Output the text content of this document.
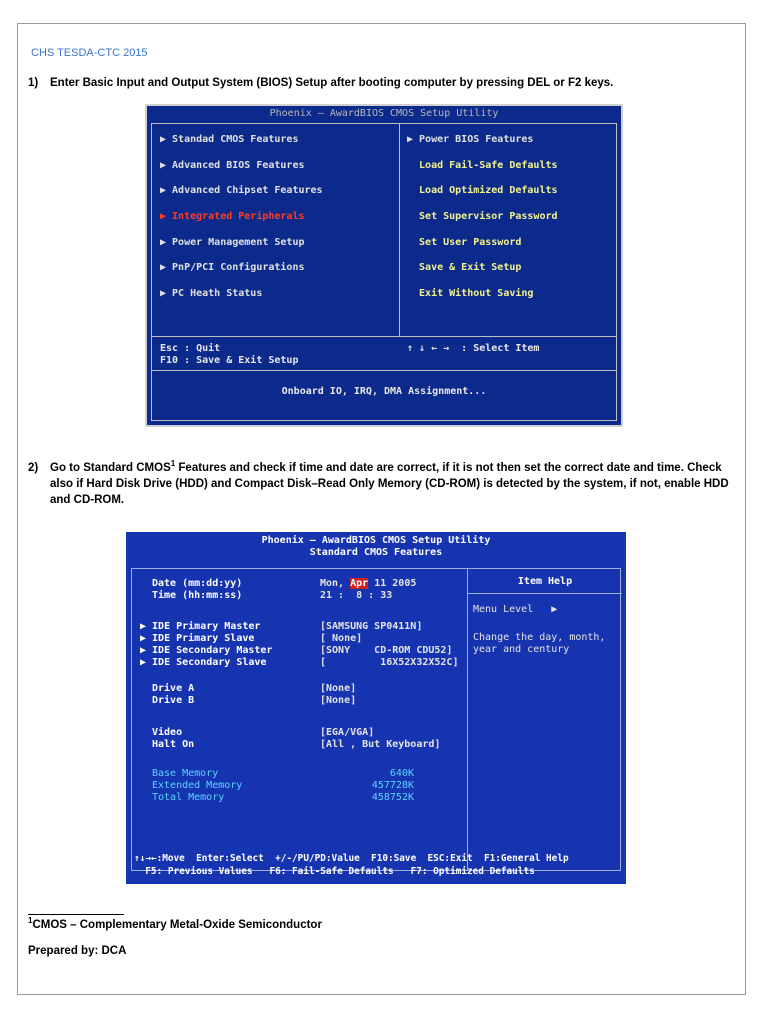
CHS TESDA-CTC 2015
1) Enter Basic Input and Output System (BIOS) Setup after booting computer by pressing DEL or F2 keys.
Phoenix – AwardBIOS CMOS Setup Utility
▶ Standad CMOS Features
▶ Advanced BIOS Features
▶ Advanced Chipset Features
▶ Integrated Peripherals
▶ Power Management Setup
▶ PnP/PCI Configurations
▶ PC Heath Status
▶ Power BIOS Features
Load Fail-Safe Defaults
Load Optimized Defaults
Set Supervisor Password
Set User Password
Save & Exit Setup
Exit Without Saving
Esc : Quit
F10 : Save & Exit Setup
↑ ↓ ← →  : Select Item
Onboard IO, IRQ, DMA Assignment...
2)	Go to Standard CMOS$^1$ Features and check if time and date are correct, if it is not then set the correct date and time. Check also if Hard Disk Drive (HDD) and Compact Disk–Read Only Memory (CD-ROM) is detected by the system, if not, enable HDD and CD-ROM.
Phoenix – AwardBIOS CMOS Setup Utility
Standard CMOS Features
Date (mm:dd:yy)
Time (hh:mm:ss)
Mon, Apr 11 2005
21 :  8 : 33
▶ IDE Primary Master
▶ IDE Primary Slave
▶ IDE Secondary Master
▶ IDE Secondary Slave
[SAMSUNG SP0411N]
[ None]
[SONY    CD-ROM CDU52]
[         16X52X32X52C]
Drive A
Drive B
[None]
[None]
Video
Halt On
[EGA/VGA]
[All , But Keyboard]
Base Memory
Extended Memory
Total Memory
640K
457728K
458752K
Item Help
Menu Level   ▶
Change the day, month,
year and century
↑↓→←:Move  Enter:Select  +/-/PU/PD:Value  F10:Save  ESC:Exit  F1:General Help
F5: Previous Values   F6: Fail-Safe Defaults   F7: Optimized Defaults
$^1$CMOS – Complementary Metal-Oxide Semiconductor
Prepared by: DCA
